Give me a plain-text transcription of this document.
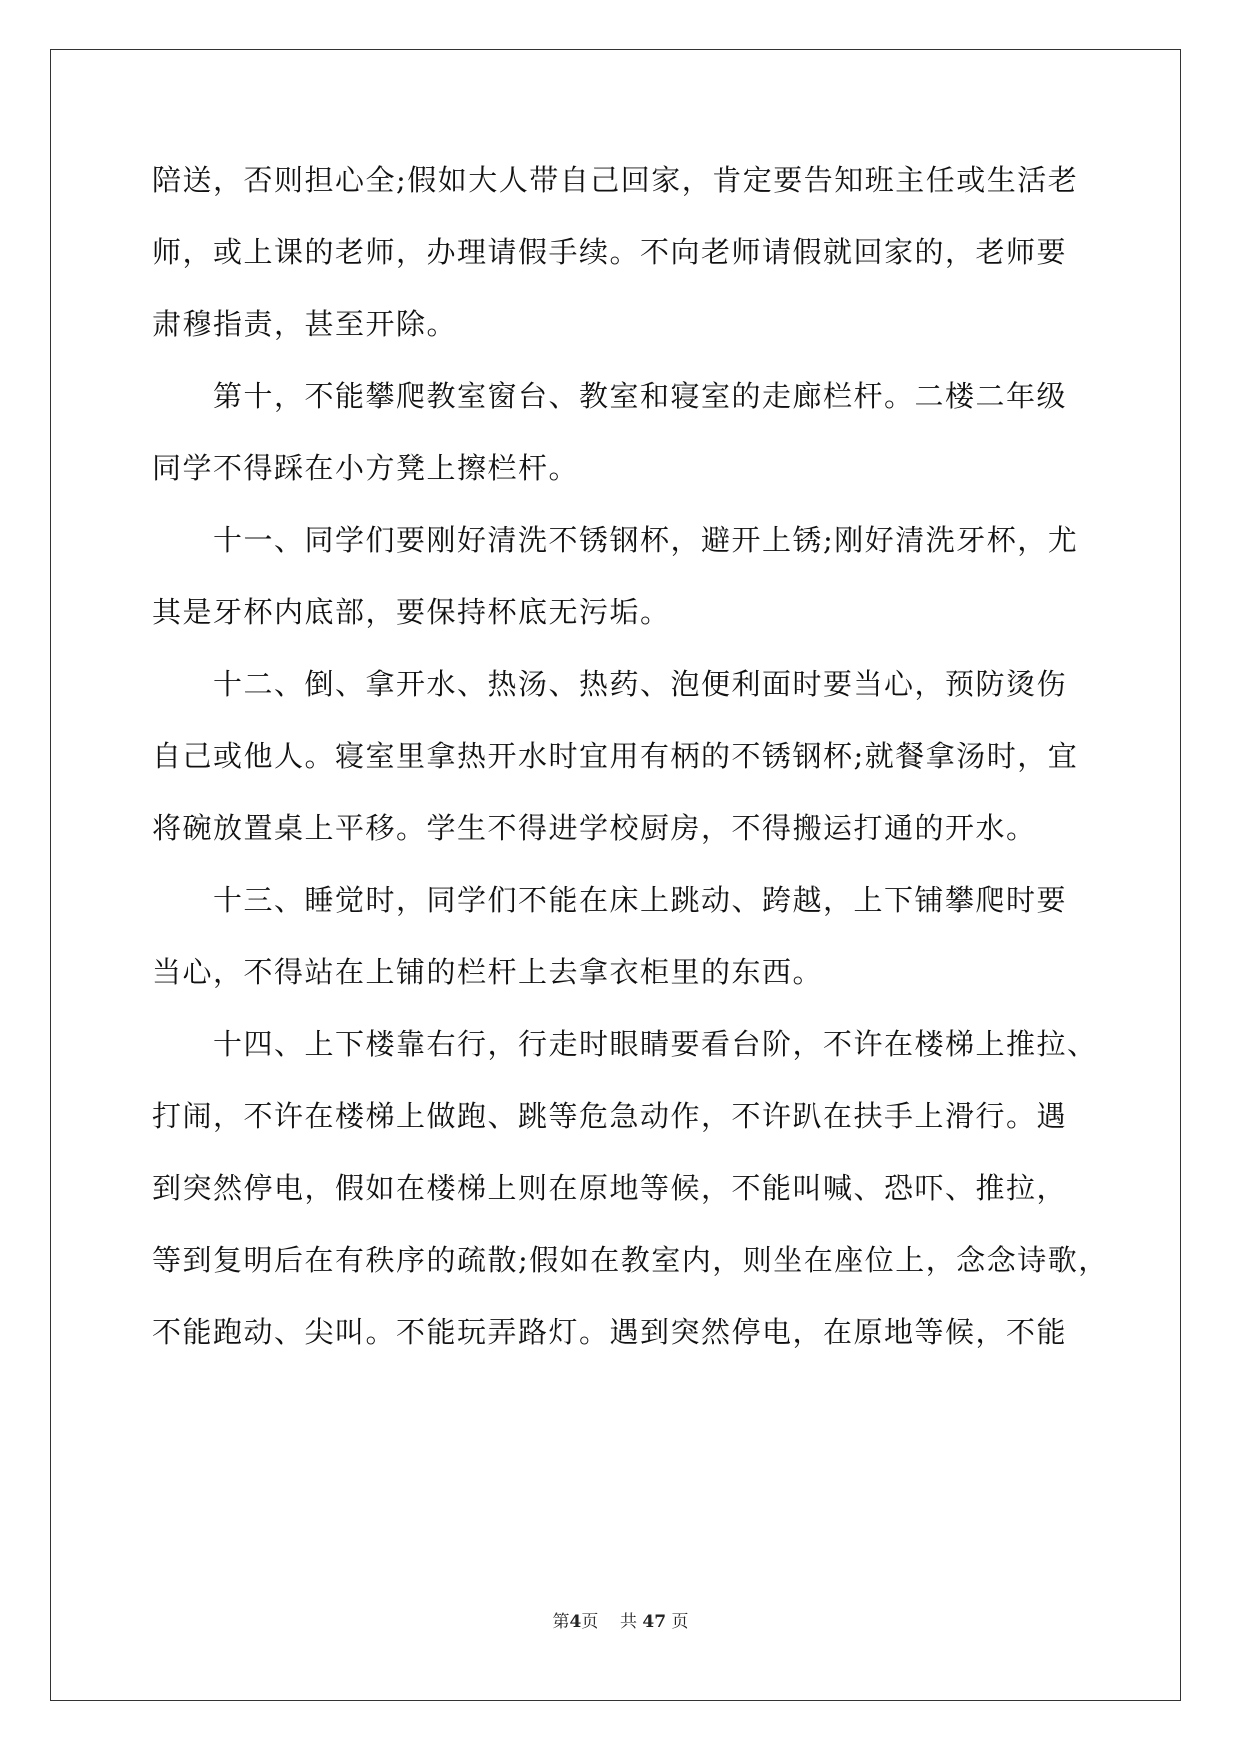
陪送，否则担心全;假如大人带自己回家，肯定要告知班主任或生活老
师，或上课的老师，办理请假手续。不向老师请假就回家的，老师要
肃穆指责，甚至开除。
　　第十，不能攀爬教室窗台、教室和寝室的走廊栏杆。二楼二年级
同学不得踩在小方凳上擦栏杆。
　　十一、同学们要刚好清洗不锈钢杯，避开上锈;刚好清洗牙杯，尤
其是牙杯内底部，要保持杯底无污垢。
　　十二、倒、拿开水、热汤、热药、泡便利面时要当心，预防烫伤
自己或他人。寝室里拿热开水时宜用有柄的不锈钢杯;就餐拿汤时，宜
将碗放置桌上平移。学生不得进学校厨房，不得搬运打通的开水。
　　十三、睡觉时，同学们不能在床上跳动、跨越，上下铺攀爬时要
当心，不得站在上铺的栏杆上去拿衣柜里的东西。
　　十四、上下楼靠右行，行走时眼睛要看台阶，不许在楼梯上推拉、
打闹，不许在楼梯上做跑、跳等危急动作，不许趴在扶手上滑行。遇
到突然停电，假如在楼梯上则在原地等候，不能叫喊、恐吓、推拉，
等到复明后在有秩序的疏散;假如在教室内，则坐在座位上，念念诗歌，
不能跑动、尖叫。不能玩弄路灯。遇到突然停电，在原地等候，不能
第4页 共 47 页
